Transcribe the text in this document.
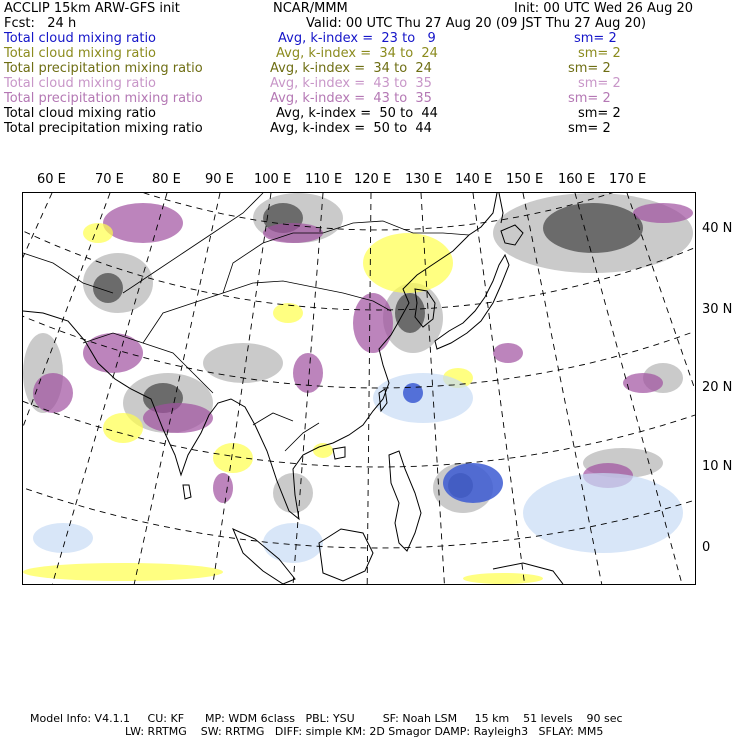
ACCLIP 15km ARW-GFS init	NCAR/MMM	Init: 00 UTC Wed 26 Aug 20
Fcst:   24 h	Valid: 00 UTC Thu 27 Aug 20 (09 JST Thu 27 Aug 20)
Total cloud mixing ratio	Avg, k-index =  23 to   9	sm= 2
Total cloud mixing ratio	Avg, k-index =  34 to  24	sm= 2
Total precipitation mixing ratio	Avg, k-index =  34 to  24	sm= 2
Total cloud mixing ratio	Avg, k-index =  43 to  35	sm= 2
Total precipitation mixing ratio	Avg, k-index =  43 to  35	sm= 2
Total cloud mixing ratio	Avg, k-index =  50 to  44	sm= 2
Total precipitation mixing ratio	Avg, k-index =  50 to  44	sm= 2
60 E 70 E 80 E 90 E 100 E 110 E 120 E 130 E 140 E 150 E 160 E 170 E
40 N
30 N
20 N
10 N
0
Model Info: V4.1.1     CU: KF      MP: WDM 6class   PBL: YSU        SF: Noah LSM     15 km    51 levels    90 sec
LW: RRTMG    SW: RRTMG   DIFF: simple KM: 2D Smagor DAMP: Rayleigh3   SFLAY: MM5
